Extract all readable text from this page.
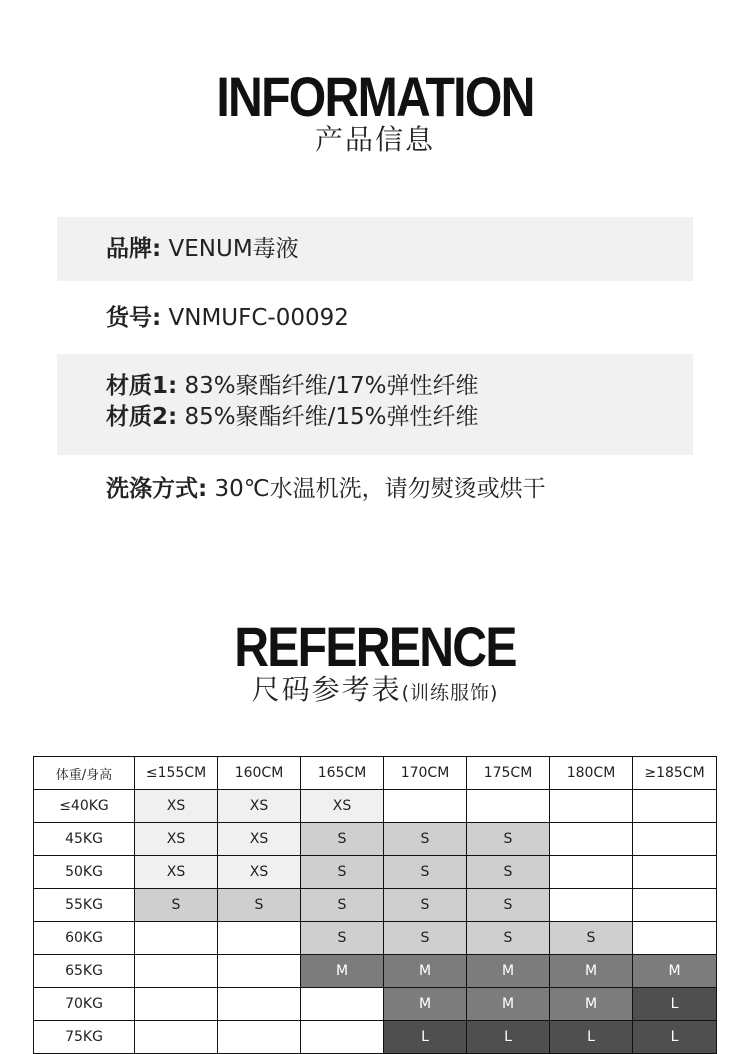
INFORMATION
产品信息
品牌: VENUM毒液
货号: VNMUFC-00092
材质1: 83%聚酯纤维/17%弹性纤维
材质2: 85%聚酯纤维/15%弹性纤维
洗涤方式: 30℃水温机洗，请勿熨烫或烘干
REFERENCE
尺码参考表(训练服饰)
体重/身高	≤155CM	160CM	165CM	170CM	175CM	180CM	≥185CM
≤40KG	XS	XS	XS				
45KG	XS	XS	S	S	S		
50KG	XS	XS	S	S	S		
55KG	S	S	S	S	S		
60KG			S	S	S	S	
65KG			M	M	M	M	M
70KG				M	M	M	L
75KG				L	L	L	L
